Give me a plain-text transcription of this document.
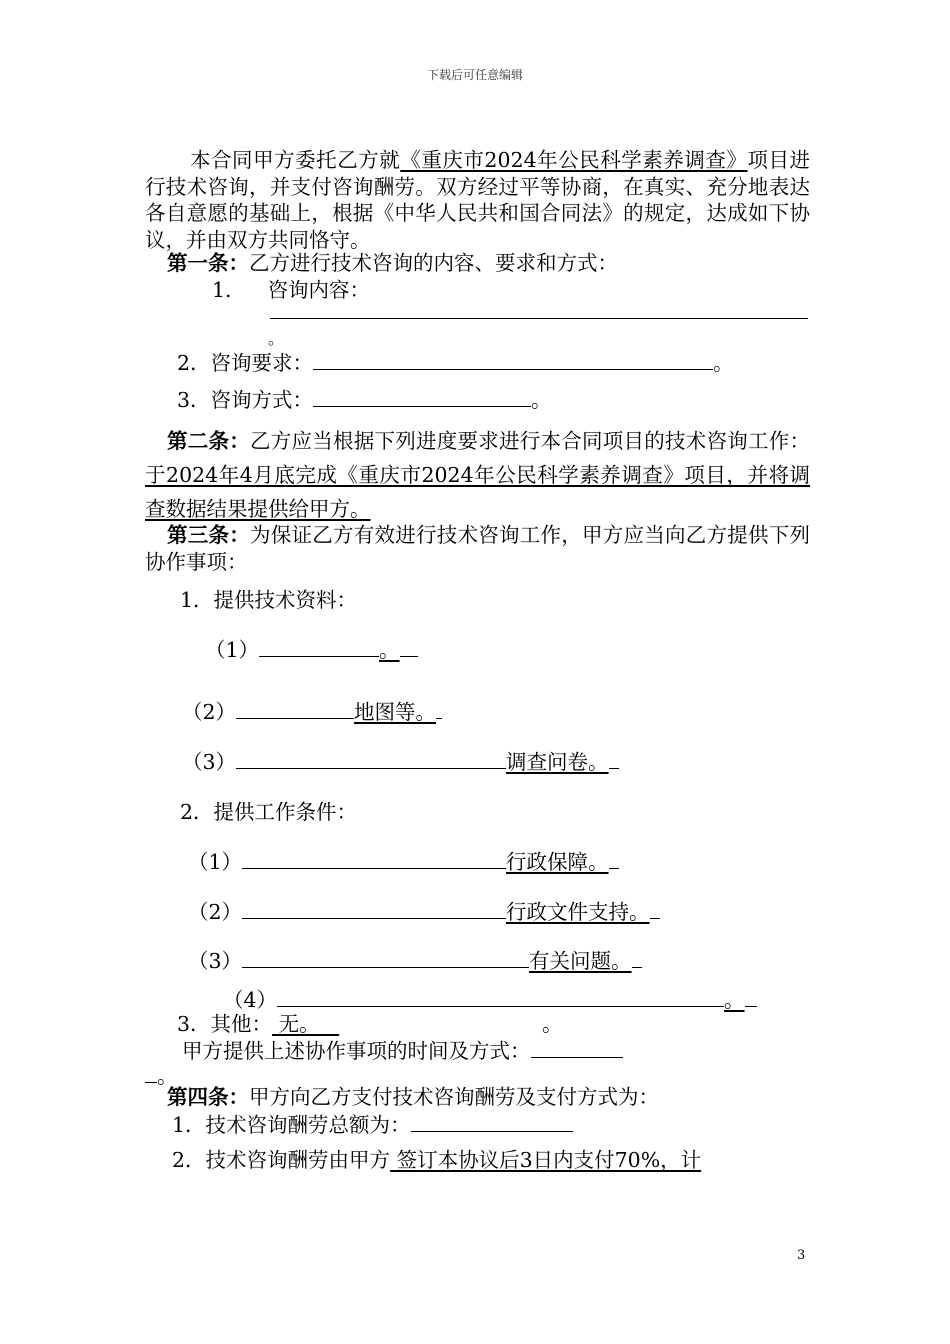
下载后可任意编辑

本合同甲方委托乙方就《重庆市2024年公民科学素养调查》项目进行技术咨询，并支付咨询酬劳。双方经过平等协商，在真实、充分地表达各自意愿的基础上，根据《中华人民共和国合同法》的规定，达成如下协议，并由双方共同恪守。

第一条：乙方进行技术咨询的内容、要求和方式：
1. 咨询内容：
。
2．咨询要求：	。
3．咨询方式：	。

第二条：乙方应当根据下列进度要求进行本合同项目的技术咨询工作： 于2024年4月底完成《重庆市2024年公民科学素养调查》项目，并将调查数据结果提供给甲方。

第三条：为保证乙方有效进行技术咨询工作，甲方应当向乙方提供下列协作事项：

1．提供技术资料：
（1）	。
（2）	地图等。
（3）	调查问卷。
2．提供工作条件：
（1）	行政保障。
（2）	行政文件支持。
（3）	有关问题。
（4）	。
3．其他： 无。	。
甲方提供上述协作事项的时间及方式：
。
第四条：甲方向乙方支付技术咨询酬劳及支付方式为：
1．技术咨询酬劳总额为：
2．技术咨询酬劳由甲方 签订本协议后3日内支付70%，计
3
